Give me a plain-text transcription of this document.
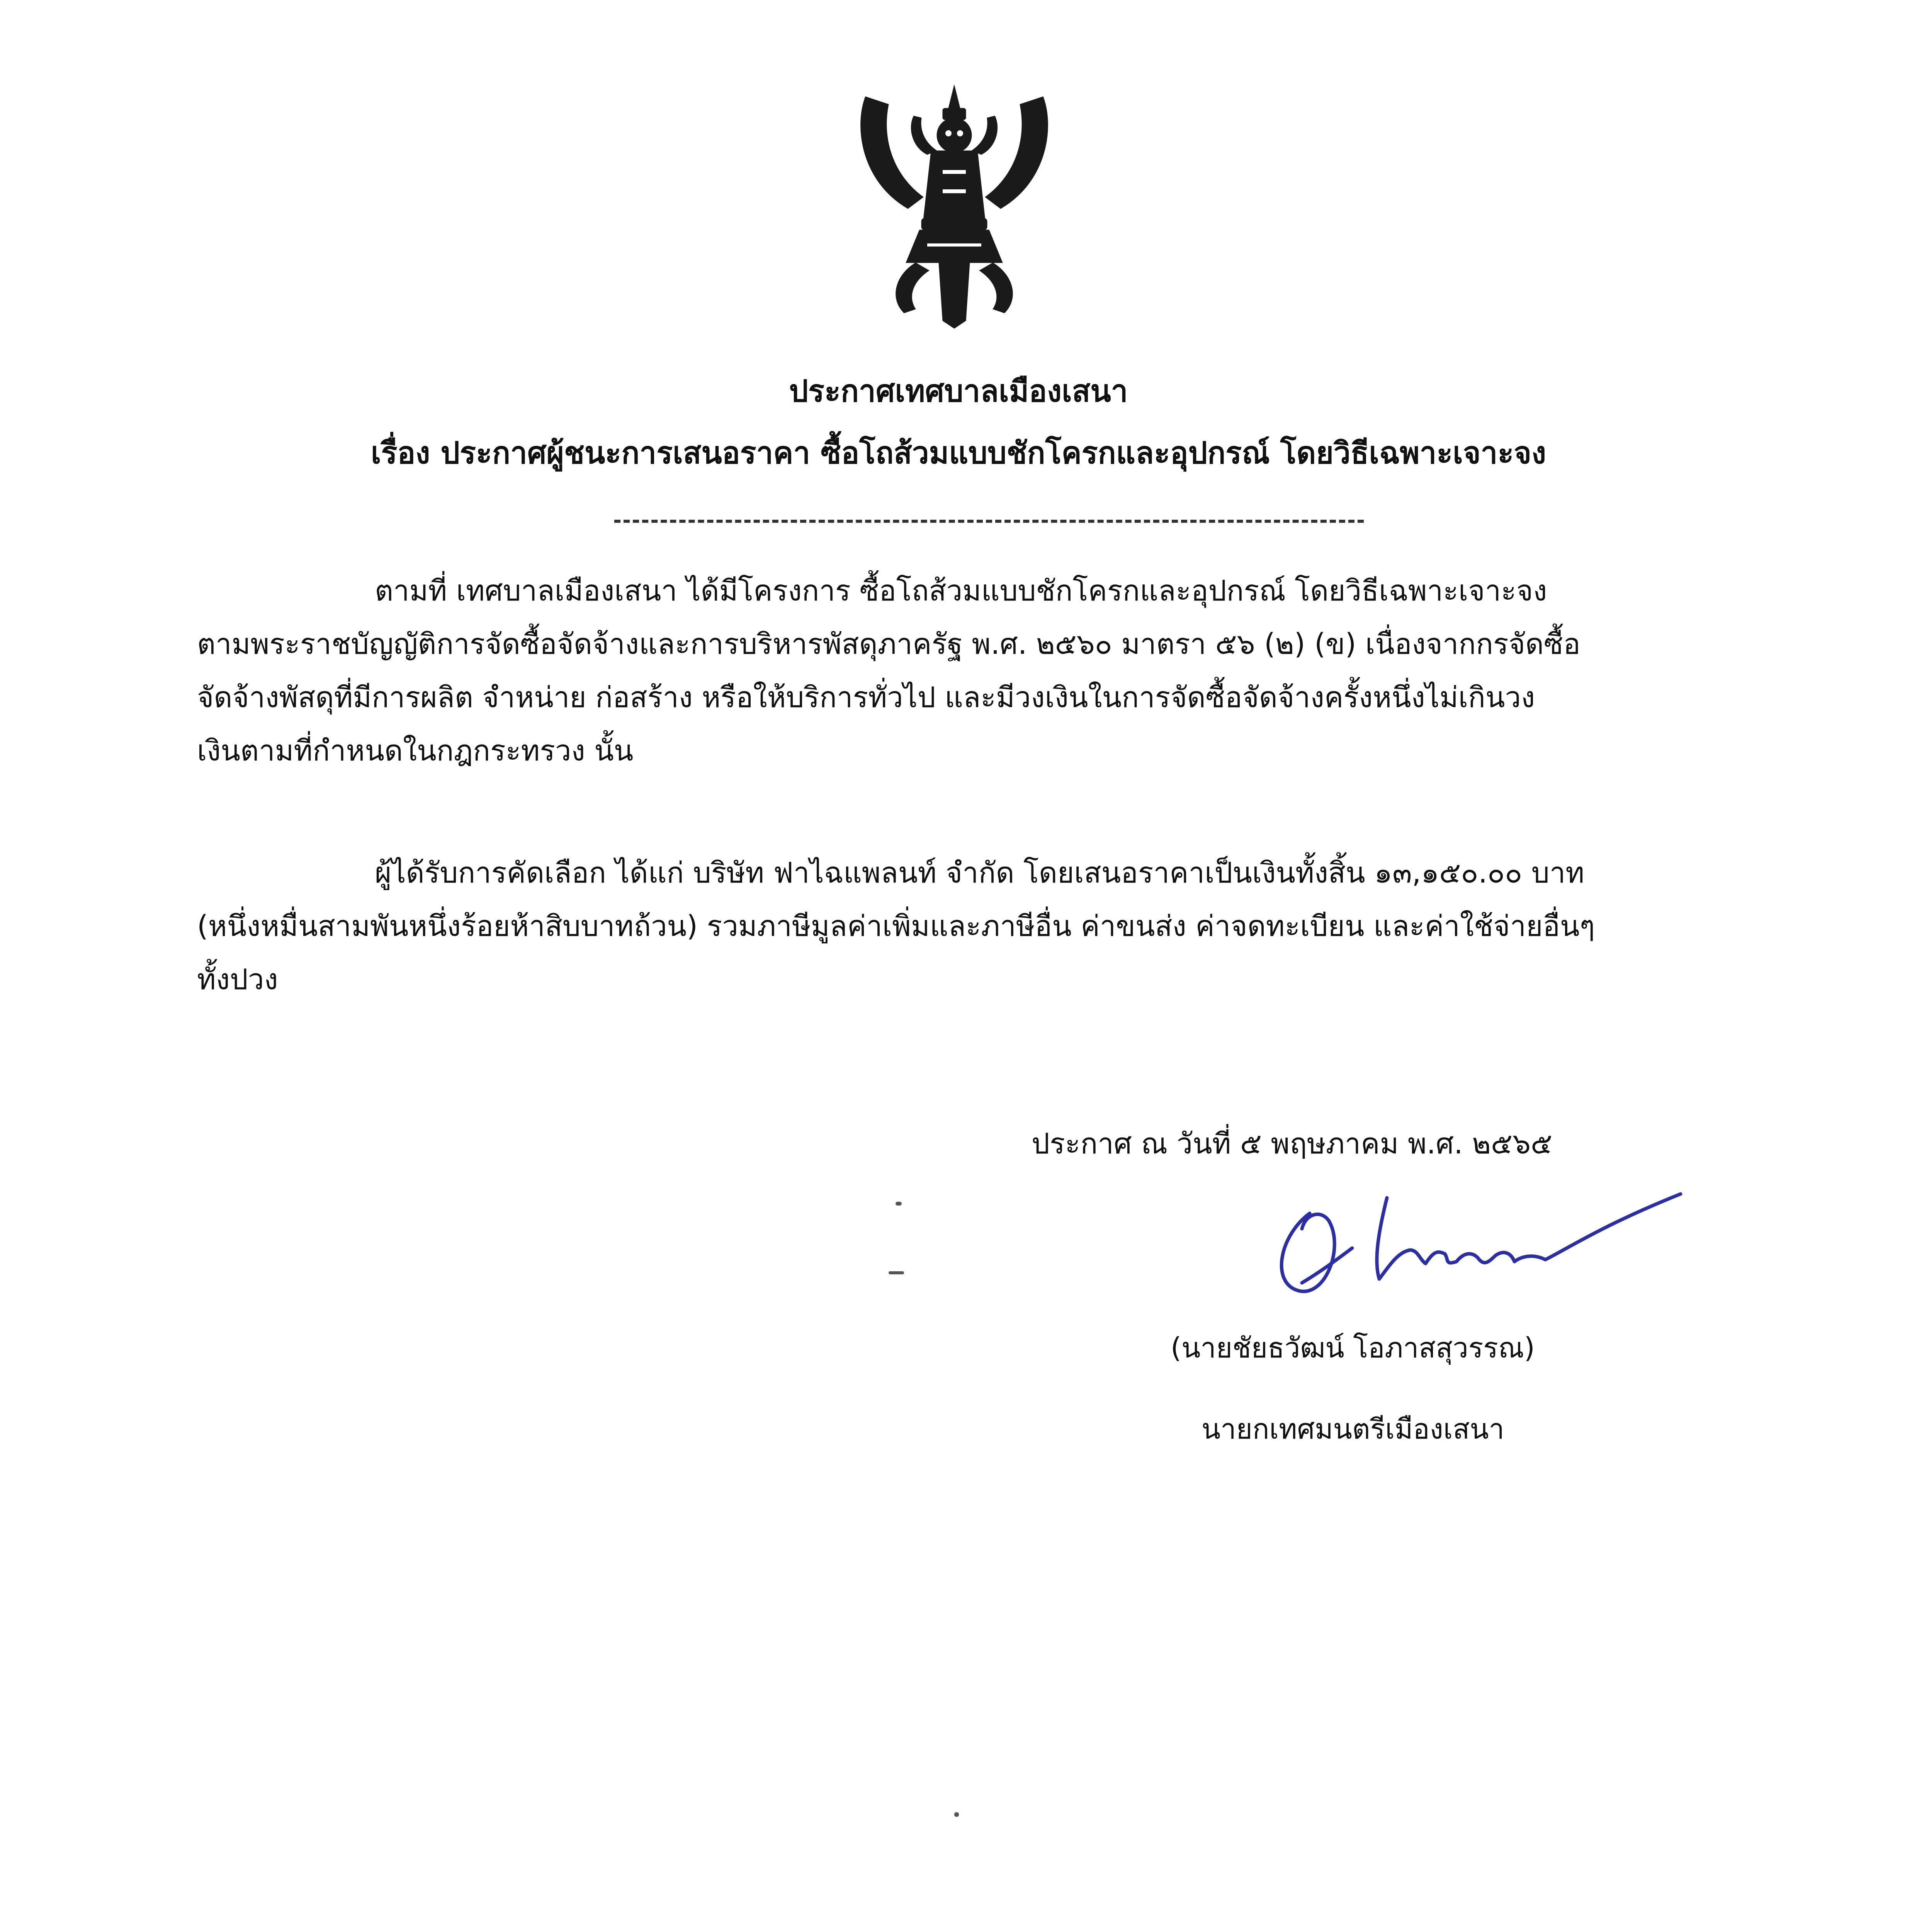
ประกาศเทศบาลเมืองเสนา
เรื่อง ประกาศผู้ชนะการเสนอราคา ซื้อโถส้วมแบบชักโครกและอุปกรณ์ โดยวิธีเฉพาะเจาะจง
ตามที่ เทศบาลเมืองเสนา ได้มีโครงการ ซื้อโถส้วมแบบชักโครกและอุปกรณ์ โดยวิธีเฉพาะเจาะจง
ตามพระราชบัญญัติการจัดซื้อจัดจ้างและการบริหารพัสดุภาครัฐ พ.ศ. ๒๕๖๐ มาตรา ๕๖ (๒) (ข) เนื่องจากกรจัดซื้อ
จัดจ้างพัสดุที่มีการผลิต จำหน่าย ก่อสร้าง หรือให้บริการทั่วไป และมีวงเงินในการจัดซื้อจัดจ้างครั้งหนึ่งไม่เกินวง
เงินตามที่กำหนดในกฎกระทรวง นั้น
ผู้ได้รับการคัดเลือก ได้แก่ บริษัท ฟาไฉแพลนท์ จำกัด โดยเสนอราคาเป็นเงินทั้งสิ้น ๑๓,๑๕๐.๐๐ บาท
(หนึ่งหมื่นสามพันหนึ่งร้อยห้าสิบบาทถ้วน) รวมภาษีมูลค่าเพิ่มและภาษีอื่น ค่าขนส่ง ค่าจดทะเบียน และค่าใช้จ่ายอื่นๆ
ทั้งปวง
ประกาศ ณ วันที่ ๕ พฤษภาคม พ.ศ. ๒๕๖๕
(นายชัยธวัฒน์ โอภาสสุวรรณ)
นายกเทศมนตรีเมืองเสนา
